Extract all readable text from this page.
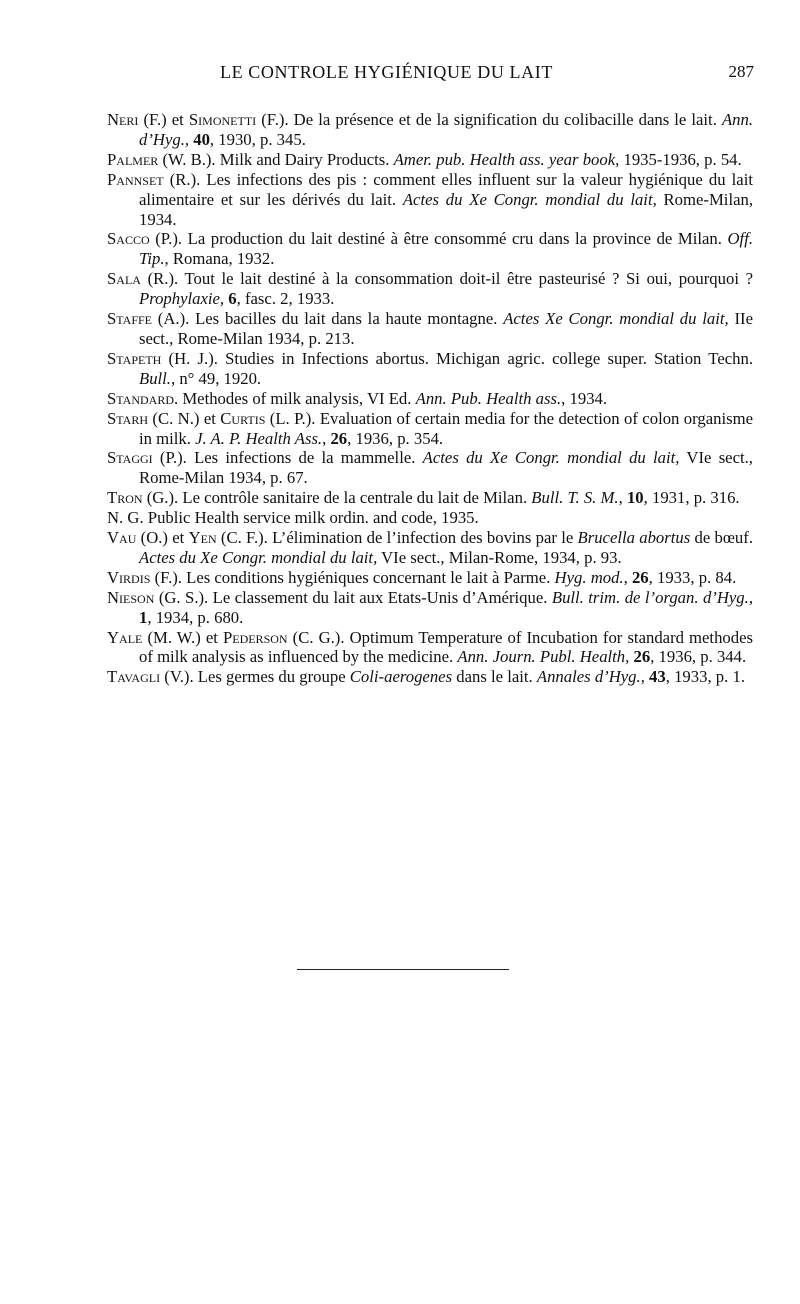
LE CONTROLE HYGIÉNIQUE DU LAIT	287

Neri (F.) et Simonetti (F.). De la présence et de la signification du colibacille dans le lait. Ann. d’Hyg., 40, 1930, p. 345.

Palmer (W. B.). Milk and Dairy Products. Amer. pub. Health ass. year book, 1935-1936, p. 54.

Pannset (R.). Les infections des pis : comment elles influent sur la valeur hygiénique du lait alimentaire et sur les dérivés du lait. Actes du Xe Congr. mondial du lait, Rome-Milan, 1934.

Sacco (P.). La production du lait destiné à être consommé cru dans la province de Milan. Off. Tip., Romana, 1932.

Sala (R.). Tout le lait destiné à la consommation doit-il être pasteurisé ? Si oui, pourquoi ? Prophylaxie, 6, fasc. 2, 1933.

Staffe (A.). Les bacilles du lait dans la haute montagne. Actes Xe Congr. mondial du lait, IIe sect., Rome-Milan 1934, p. 213.

Stapeth (H. J.). Studies in Infections abortus. Michigan agric. college super. Station Techn. Bull., n° 49, 1920.

Standard. Methodes of milk analysis, VI Ed. Ann. Pub. Health ass., 1934.

Starh (C. N.) et Curtis (L. P.). Evaluation of certain media for the detection of colon organisme in milk. J. A. P. Health Ass., 26, 1936, p. 354.

Staggi (P.). Les infections de la mammelle. Actes du Xe Congr. mondial du lait, VIe sect., Rome-Milan 1934, p. 67.

Tron (G.). Le contrôle sanitaire de la centrale du lait de Milan. Bull. T. S. M., 10, 1931, p. 316.

N. G. Public Health service milk ordin. and code, 1935.

Vau (O.) et Yen (C. F.). L’élimination de l’infection des bovins par le Brucella abortus de bœuf. Actes du Xe Congr. mondial du lait, VIe sect., Milan-Rome, 1934, p. 93.

Virdis (F.). Les conditions hygiéniques concernant le lait à Parme. Hyg. mod., 26, 1933, p. 84.

Nieson (G. S.). Le classement du lait aux Etats-Unis d’Amérique. Bull. trim. de l’organ. d’Hyg., 1, 1934, p. 680.

Yale (M. W.) et Pederson (C. G.). Optimum Temperature of Incubation for standard methodes of milk analysis as influenced by the medicine. Ann. Journ. Publ. Health, 26, 1936, p. 344.

Tavagli (V.). Les germes du groupe Coli-aerogenes dans le lait. Annales d’Hyg., 43, 1933, p. 1.
